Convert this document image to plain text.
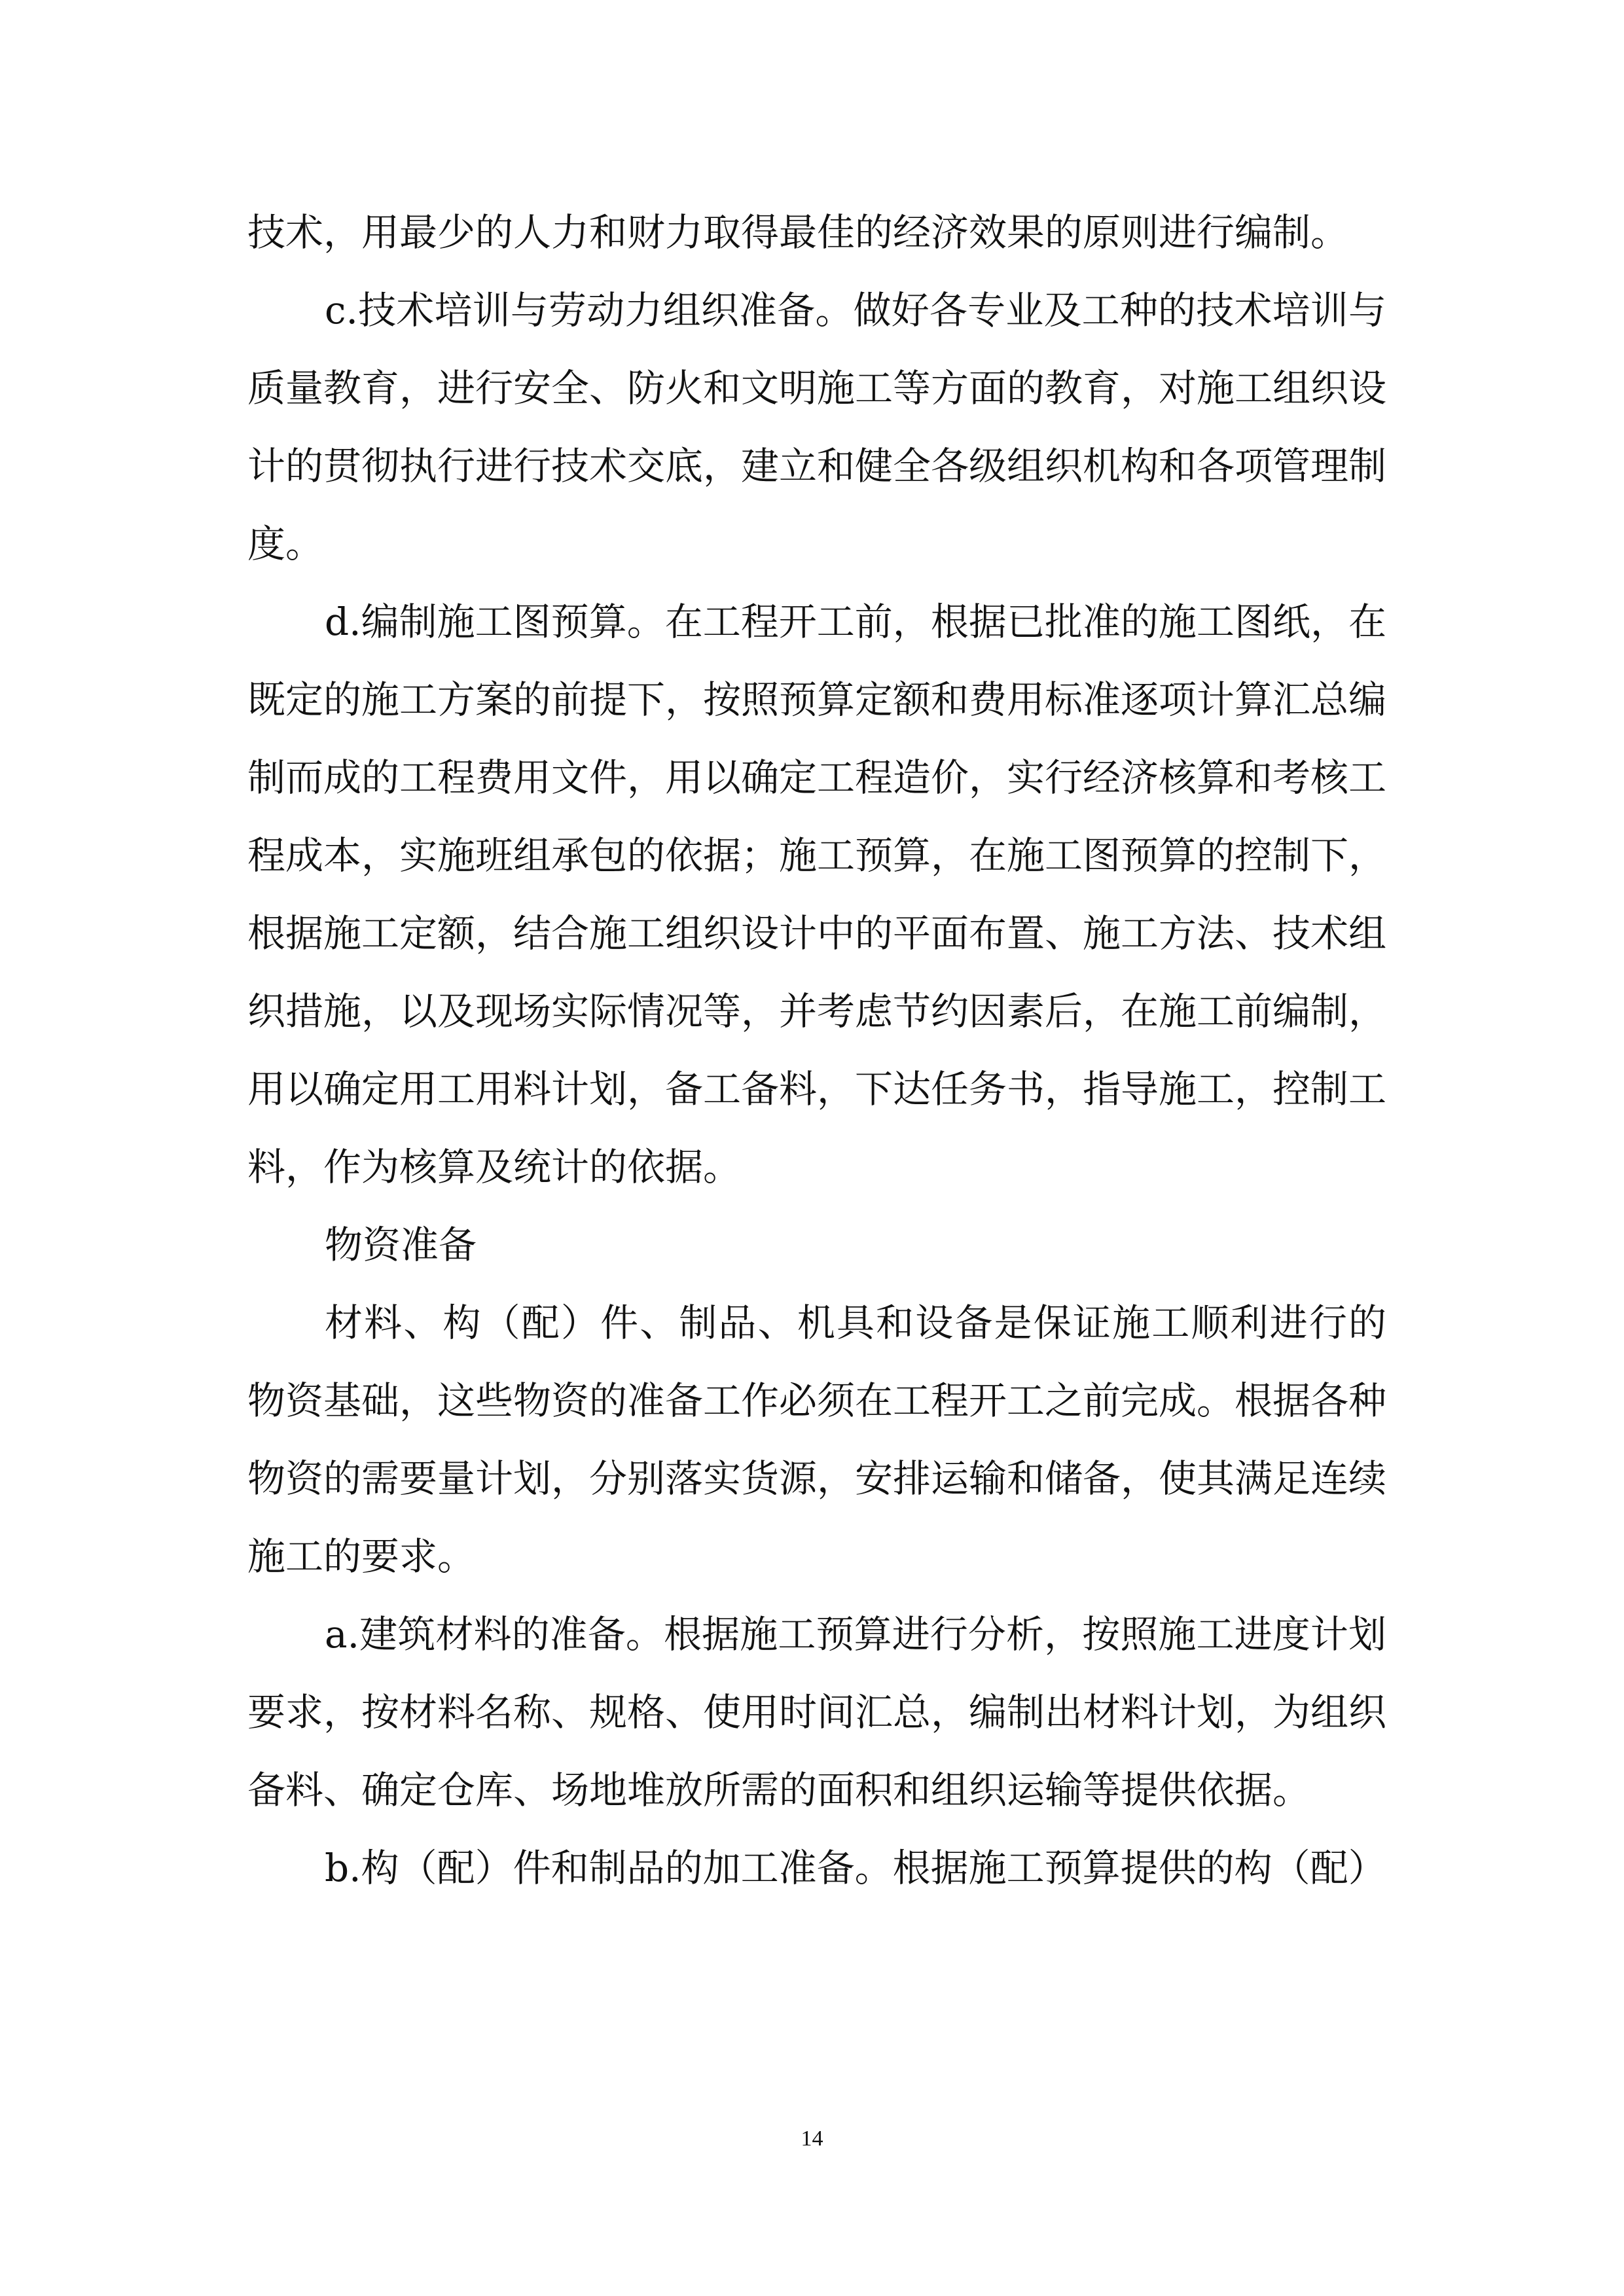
技术，用最少的人力和财力取得最佳的经济效果的原则进行编制。

c.技术培训与劳动力组织准备。做好各专业及工种的技术培训与质量教育，进行安全、防火和文明施工等方面的教育，对施工组织设计的贯彻执行进行技术交底，建立和健全各级组织机构和各项管理制度。

d.编制施工图预算。在工程开工前，根据已批准的施工图纸，在既定的施工方案的前提下，按照预算定额和费用标准逐项计算汇总编制而成的工程费用文件，用以确定工程造价，实行经济核算和考核工程成本，实施班组承包的依据；施工预算，在施工图预算的控制下，根据施工定额，结合施工组织设计中的平面布置、施工方法、技术组织措施，以及现场实际情况等，并考虑节约因素后，在施工前编制，用以确定用工用料计划，备工备料，下达任务书，指导施工，控制工料，作为核算及统计的依据。

物资准备

材料、构（配）件、制品、机具和设备是保证施工顺利进行的物资基础，这些物资的准备工作必须在工程开工之前完成。根据各种物资的需要量计划，分别落实货源，安排运输和储备，使其满足连续施工的要求。

a.建筑材料的准备。根据施工预算进行分析，按照施工进度计划要求，按材料名称、规格、使用时间汇总，编制出材料计划，为组织备料、确定仓库、场地堆放所需的面积和组织运输等提供依据。

b.构（配）件和制品的加工准备。根据施工预算提供的构（配）

14
